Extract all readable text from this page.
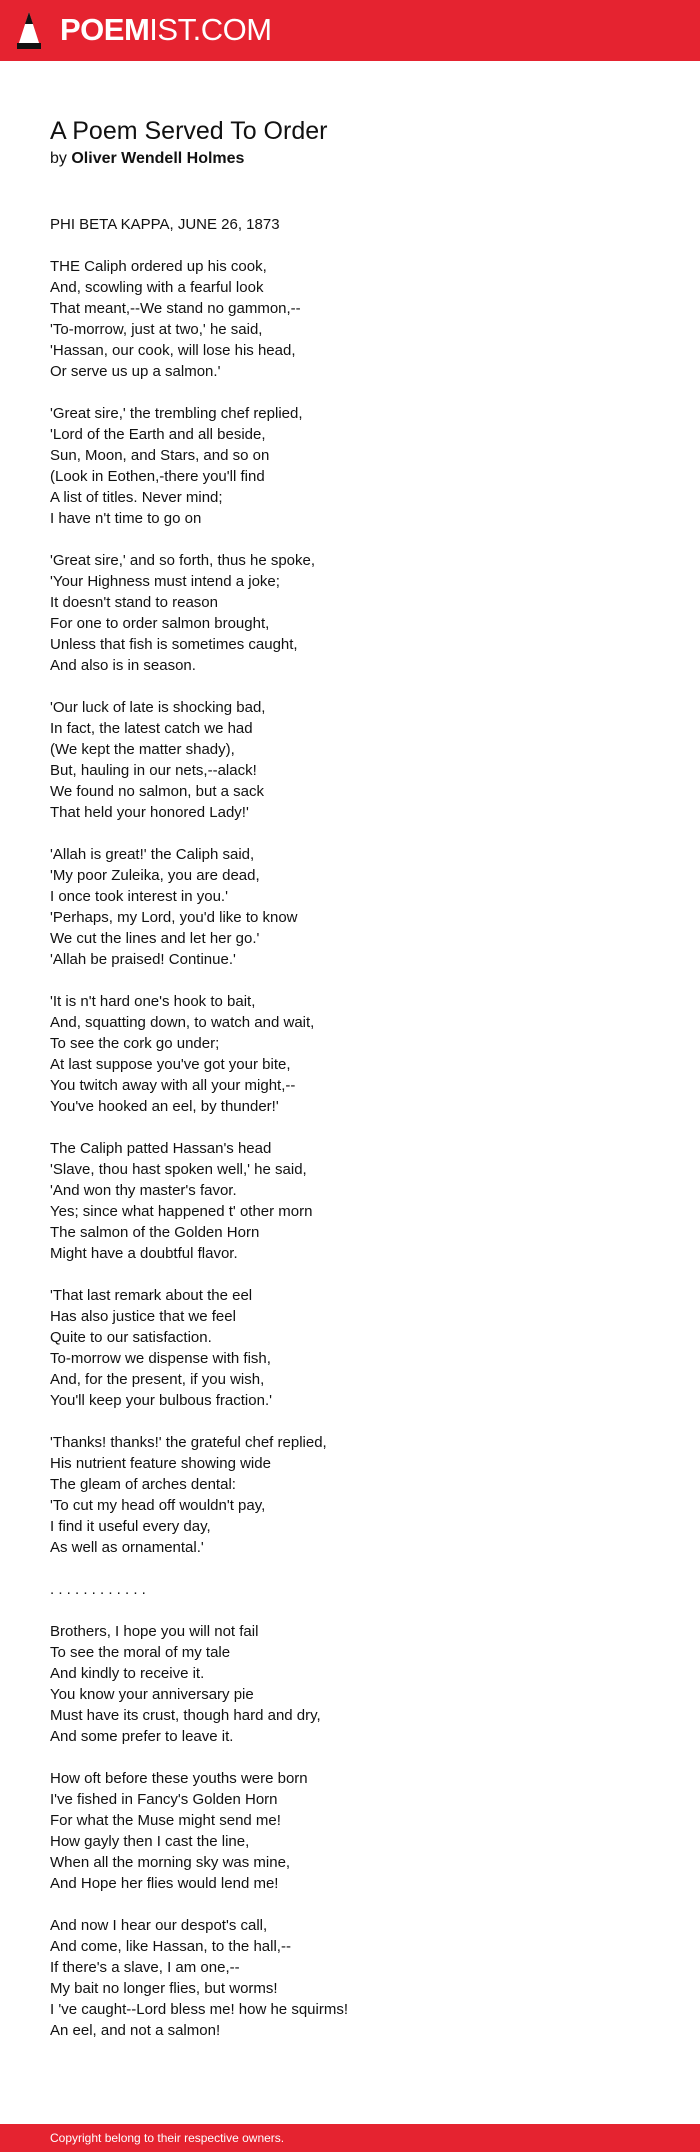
POEMIST.COM
A Poem Served To Order

by Oliver Wendell Holmes

PHI BETA KAPPA, JUNE 26, 1873
THE Caliph ordered up his cook,
And, scowling with a fearful look
That meant,--We stand no gammon,--
'To-morrow, just at two,' he said,
'Hassan, our cook, will lose his head,
Or serve us up a salmon.'
'Great sire,' the trembling chef replied,
'Lord of the Earth and all beside,
Sun, Moon, and Stars, and so on
(Look in Eothen,-there you'll find
A list of titles. Never mind;
I have n't time to go on
'Great sire,' and so forth, thus he spoke,
'Your Highness must intend a joke;
It doesn't stand to reason
For one to order salmon brought,
Unless that fish is sometimes caught,
And also is in season.
'Our luck of late is shocking bad,
In fact, the latest catch we had
(We kept the matter shady),
But, hauling in our nets,--alack!
We found no salmon, but a sack
That held your honored Lady!'
'Allah is great!' the Caliph said,
'My poor Zuleika, you are dead,
I once took interest in you.'
'Perhaps, my Lord, you'd like to know
We cut the lines and let her go.'
'Allah be praised! Continue.'
'It is n't hard one's hook to bait,
And, squatting down, to watch and wait,
To see the cork go under;
At last suppose you've got your bite,
You twitch away with all your might,--
You've hooked an eel, by thunder!'
The Caliph patted Hassan's head
'Slave, thou hast spoken well,' he said,
'And won thy master's favor.
Yes; since what happened t' other morn
The salmon of the Golden Horn
Might have a doubtful flavor.
'That last remark about the eel
Has also justice that we feel
Quite to our satisfaction.
To-morrow we dispense with fish,
And, for the present, if you wish,
You'll keep your bulbous fraction.'
'Thanks! thanks!' the grateful chef replied,
His nutrient feature showing wide
The gleam of arches dental:
'To cut my head off wouldn't pay,
I find it useful every day,
As well as ornamental.'
. . . . . . . . . . . .
Brothers, I hope you will not fail
To see the moral of my tale
And kindly to receive it.
You know your anniversary pie
Must have its crust, though hard and dry,
And some prefer to leave it.
How oft before these youths were born
I've fished in Fancy's Golden Horn
For what the Muse might send me!
How gayly then I cast the line,
When all the morning sky was mine,
And Hope her flies would lend me!
And now I hear our despot's call,
And come, like Hassan, to the hall,--
If there's a slave, I am one,--
My bait no longer flies, but worms!
I 've caught--Lord bless me! how he squirms!
An eel, and not a salmon!
Copyright belong to their respective owners.
